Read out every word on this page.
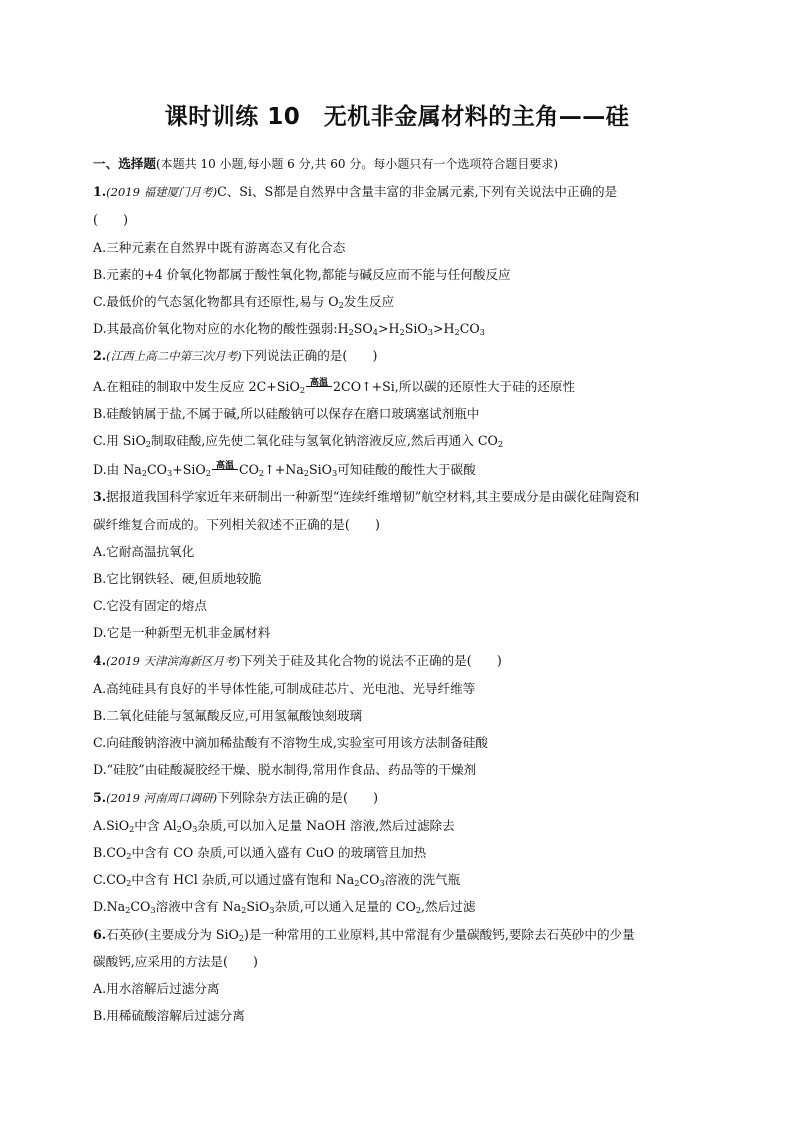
课时训练 10　无机非金属材料的主角——硅
一、选择题(本题共 10 小题,每小题 6 分,共 60 分。每小题只有一个选项符合题目要求)
1.(2019 福建厦门月考)C、Si、S都是自然界中含量丰富的非金属元素,下列有关说法中正确的是
(　　)
A.三种元素在自然界中既有游离态又有化合态
B.元素的+4 价氧化物都属于酸性氧化物,都能与碱反应而不能与任何酸反应
C.最低价的气态氢化物都具有还原性,易与 $O_2$发生反应
D.其最高价氧化物对应的水化物的酸性强弱$:H_2SO_4>H_2SiO_3>H_2CO_3$
2.(江西上高二中第三次月考)下列说法正确的是(　　)
A.在粗硅的制取中发生反应 2C+SiO$_2$
高温 2CO↑+Si,所以碳的还原性大于硅的还原性
B.硅酸钠属于盐,不属于碱,所以硅酸钠可以保存在磨口玻璃塞试剂瓶中
C.用 SiO$_2$制取硅酸,应先使二氧化硅与氢氧化钠溶液反应,然后再通入 $CO_2$
D.由 $Na_2CO_3+SiO_2$
高温 $CO_2↑+Na_2SiO_3$可知硅酸的酸性大于碳酸
3.据报道我国科学家近年来研制出一种新型“连续纤维增韧”航空材料,其主要成分是由碳化硅陶瓷和
碳纤维复合而成的。下列相关叙述不正确的是(　　)
A.它耐高温抗氧化
B.它比钢铁轻、硬,但质地较脆
C.它没有固定的熔点
D.它是一种新型无机非金属材料
4.(2019 天津滨海新区月考)下列关于硅及其化合物的说法不正确的是(　　)
A.高纯硅具有良好的半导体性能,可制成硅芯片、光电池、光导纤维等
B.二氧化硅能与氢氟酸反应,可用氢氟酸蚀刻玻璃
C.向硅酸钠溶液中滴加稀盐酸有不溶物生成,实验室可用该方法制备硅酸
D.“硅胶”由硅酸凝胶经干燥、脱水制得,常用作食品、药品等的干燥剂
5.(2019 河南周口调研)下列除杂方法正确的是(　　)
A.SiO$_2$中含 $Al_2O_3$杂质,可以加入足量 NaOH 溶液,然后过滤除去
$B.CO_2$中含有 CO 杂质,可以通入盛有 CuO 的玻璃管且加热
$C.CO_2$中含有 HCl 杂质,可以通过盛有饱和 $Na_2CO_3$溶液的洗气瓶
$D.Na_2CO_3$溶液中含有 $Na_2SiO_3$杂质,可以通入足量的 $CO_2$,然后过滤
6.石英砂(主要成分为 SiO$_2$)是一种常用的工业原料,其中常混有少量碳酸钙,要除去石英砂中的少量
碳酸钙,应采用的方法是(　　)
A.用水溶解后过滤分离
B.用稀硫酸溶解后过滤分离
